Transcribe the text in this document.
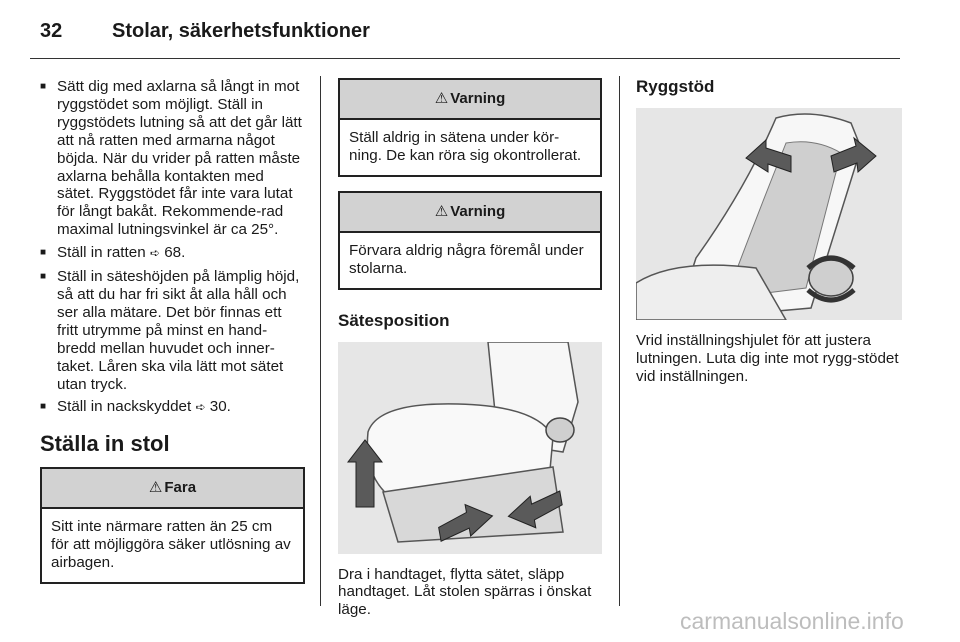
32 Stolar, säkerhetsfunktioner
■ Sätt dig med axlarna så långt in mot ryggstödet som möjligt. Ställ in ryggstödets lutning så att det går lätt att nå ratten med armarna något böjda. När du vrider på ratten måste axlarna behålla kontakten med sätet. Ryggstödet får inte vara lutat för långt bakåt. Rekommende-rad maximal lutningsvinkel är ca 25°.
■ Ställ in ratten ➪ 68.
■ Ställ in säteshöjden på lämplig höjd, så att du har fri sikt åt alla håll och ser alla mätare. Det bör finnas ett fritt utrymme på minst en hand-bredd mellan huvudet och inner-taket. Låren ska vila lätt mot sätet utan tryck.
■ Ställ in nackskyddet ➪ 30.
Ställa in stol
⚠ Fara
Sitt inte närmare ratten än 25 cm för att möjliggöra säker utlösning av airbagen.
⚠ Varning
Ställ aldrig in sätena under kör-ning. De kan röra sig okontrollerat.
⚠ Varning
Förvara aldrig några föremål under stolarna.
Sätesposition
Dra i handtaget, flytta sätet, släpp handtaget. Låt stolen spärras i önskat läge.
Ryggstöd
Vrid inställningshjulet för att justera lutningen. Luta dig inte mot rygg-stödet vid inställningen.
carmanualsonline.info
